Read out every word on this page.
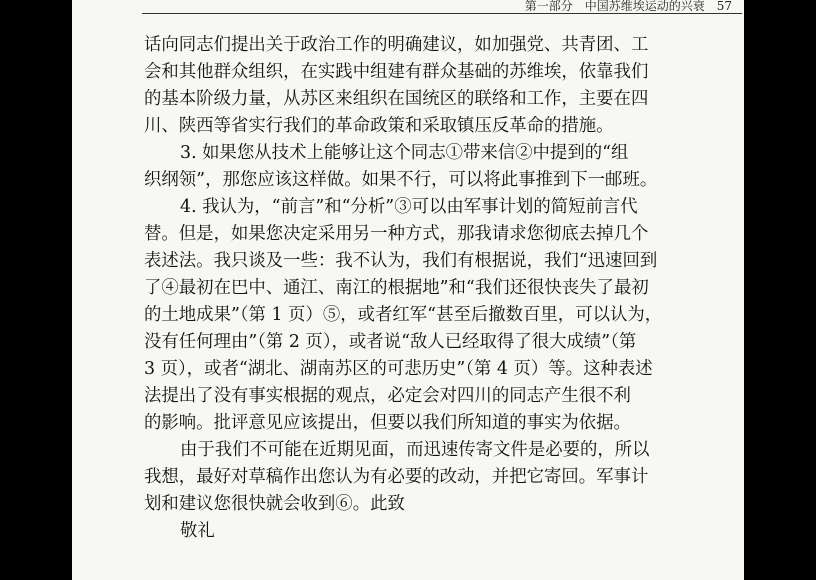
第一部分　中国苏维埃运动的兴衰　57
话向同志们提出关于政治工作的明确建议，如加强党、共青团、工
会和其他群众组织，在实践中组建有群众基础的苏维埃，依靠我们
的基本阶级力量，从苏区来组织在国统区的联络和工作，主要在四
川、陕西等省实行我们的革命政策和采取镇压反革命的措施。
3. 如果您从技术上能够让这个同志①带来信②中提到的“组
织纲领”，那您应该这样做。如果不行，可以将此事推到下一邮班。
4. 我认为，“前言”和“分析”③可以由军事计划的简短前言代
替。但是，如果您决定采用另一种方式，那我请求您彻底去掉几个
表述法。我只谈及一些：我不认为，我们有根据说，我们“迅速回到
了④最初在巴中、通江、南江的根据地”和“我们还很快丧失了最初
的土地成果”（第 1 页）⑤，或者红军“甚至后撤数百里，可以认为，
没有任何理由”（第 2 页），或者说“敌人已经取得了很大成绩”（第
3 页），或者“湖北、湖南苏区的可悲历史”（第 4 页）等。这种表述
法提出了没有事实根据的观点，必定会对四川的同志产生很不利
的影响。批评意见应该提出，但要以我们所知道的事实为依据。
由于我们不可能在近期见面，而迅速传寄文件是必要的，所以
我想，最好对草稿作出您认为有必要的改动，并把它寄回。军事计
划和建议您很快就会收到⑥。此致
敬礼
